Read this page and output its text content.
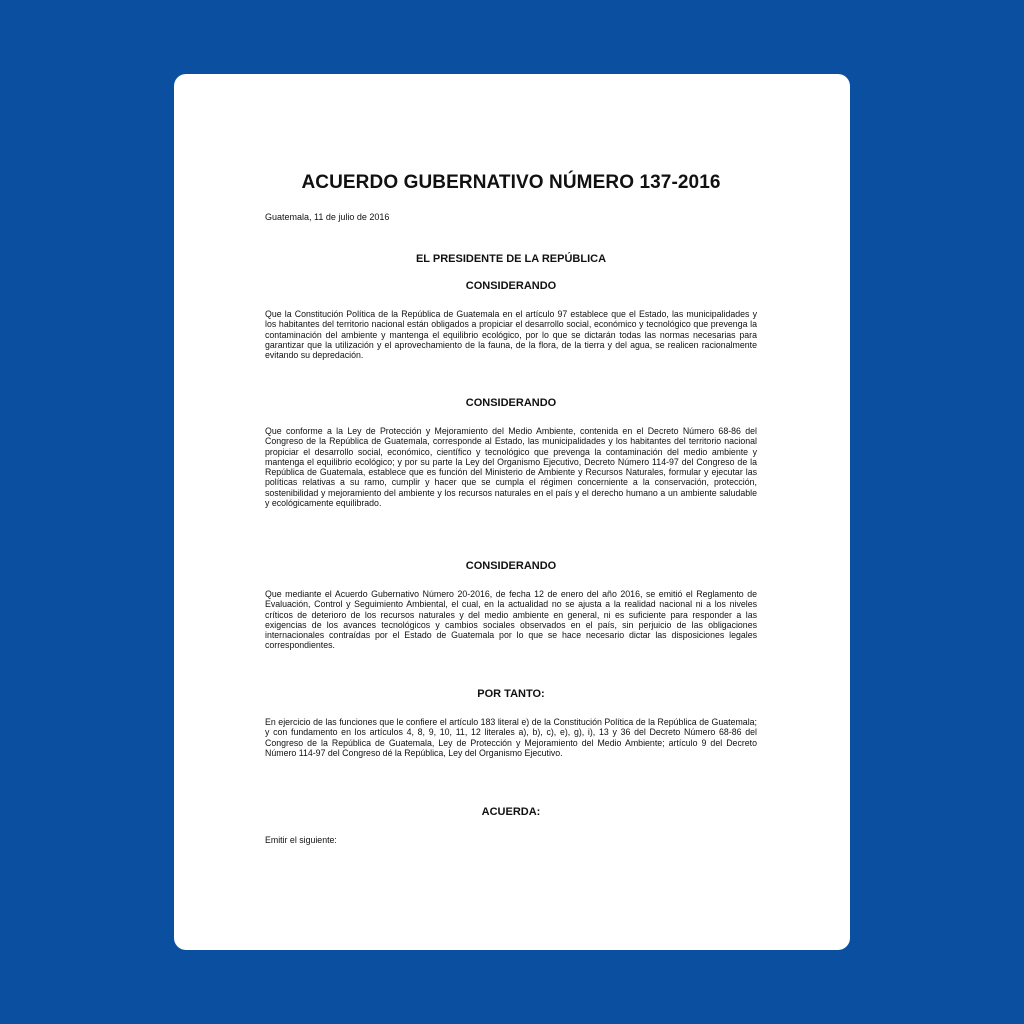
ACUERDO GUBERNATIVO NÚMERO 137-2016

Guatemala, 11 de julio de 2016

EL PRESIDENTE DE LA REPÚBLICA
CONSIDERANDO

Que la Constitución Política de la República de Guatemala en el artículo 97 establece que el Estado, las municipalidades y los habitantes del territorio nacional están obligados a propiciar el desarrollo social, económico y tecnológico que prevenga la contaminación del ambiente y mantenga el equilibrio ecológico, por lo que se dictarán todas las normas necesarias para garantizar que la utilización y el aprovechamiento de la fauna, de la flora, de la tierra y del agua, se realicen racionalmente evitando su depredación.

CONSIDERANDO

Que conforme a la Ley de Protección y Mejoramiento del Medio Ambiente, contenida en el Decreto Número 68-86 del Congreso de la República de Guatemala, corresponde al Estado, las municipalidades y los habitantes del territorio nacional propiciar el desarrollo social, económico, científico y tecnológico que prevenga la contaminación del medio ambiente y mantenga el equilibrio ecológico; y por su parte la Ley del Organismo Ejecutivo, Decreto Número 114-97 del Congreso de la República de Guatemala, establece que es función del Ministerio de Ambiente y Recursos Naturales, formular y ejecutar las políticas relativas a su ramo, cumplir y hacer que se cumpla el régimen concerniente a la conservación, protección, sostenibilidad y mejoramiento del ambiente y los recursos naturales en el país y el derecho humano a un ambiente saludable y ecológicamente equilibrado.

CONSIDERANDO

Que mediante el Acuerdo Gubernativo Número 20-2016, de fecha 12 de enero del año 2016, se emitió el Reglamento de Evaluación, Control y Seguimiento Ambiental, el cual, en la actualidad no se ajusta a la realidad nacional ni a los niveles críticos de deterioro de los recursos naturales y del medio ambiente en general, ni es suficiente para responder a las exigencias de los avances tecnológicos y cambios sociales observados en el país, sin perjuicio de las obligaciones internacionales contraídas por el Estado de Guatemala por lo que se hace necesario dictar las disposiciones legales correspondientes.

POR TANTO:

En ejercicio de las funciones que le confiere el artículo 183 literal e) de la Constitución Política de la República de Guatemala; y con fundamento en los artículos 4, 8, 9, 10, 11, 12 literales a), b), c), e), g), i), 13 y 36 del Decreto Número 68-86 del Congreso de la República de Guatemala, Ley de Protección y Mejoramiento del Medio Ambiente; artículo 9 del Decreto Número 114-97 del Congreso dé la República, Ley del Organismo Ejecutivo.

ACUERDA:

Emitir el siguiente:
